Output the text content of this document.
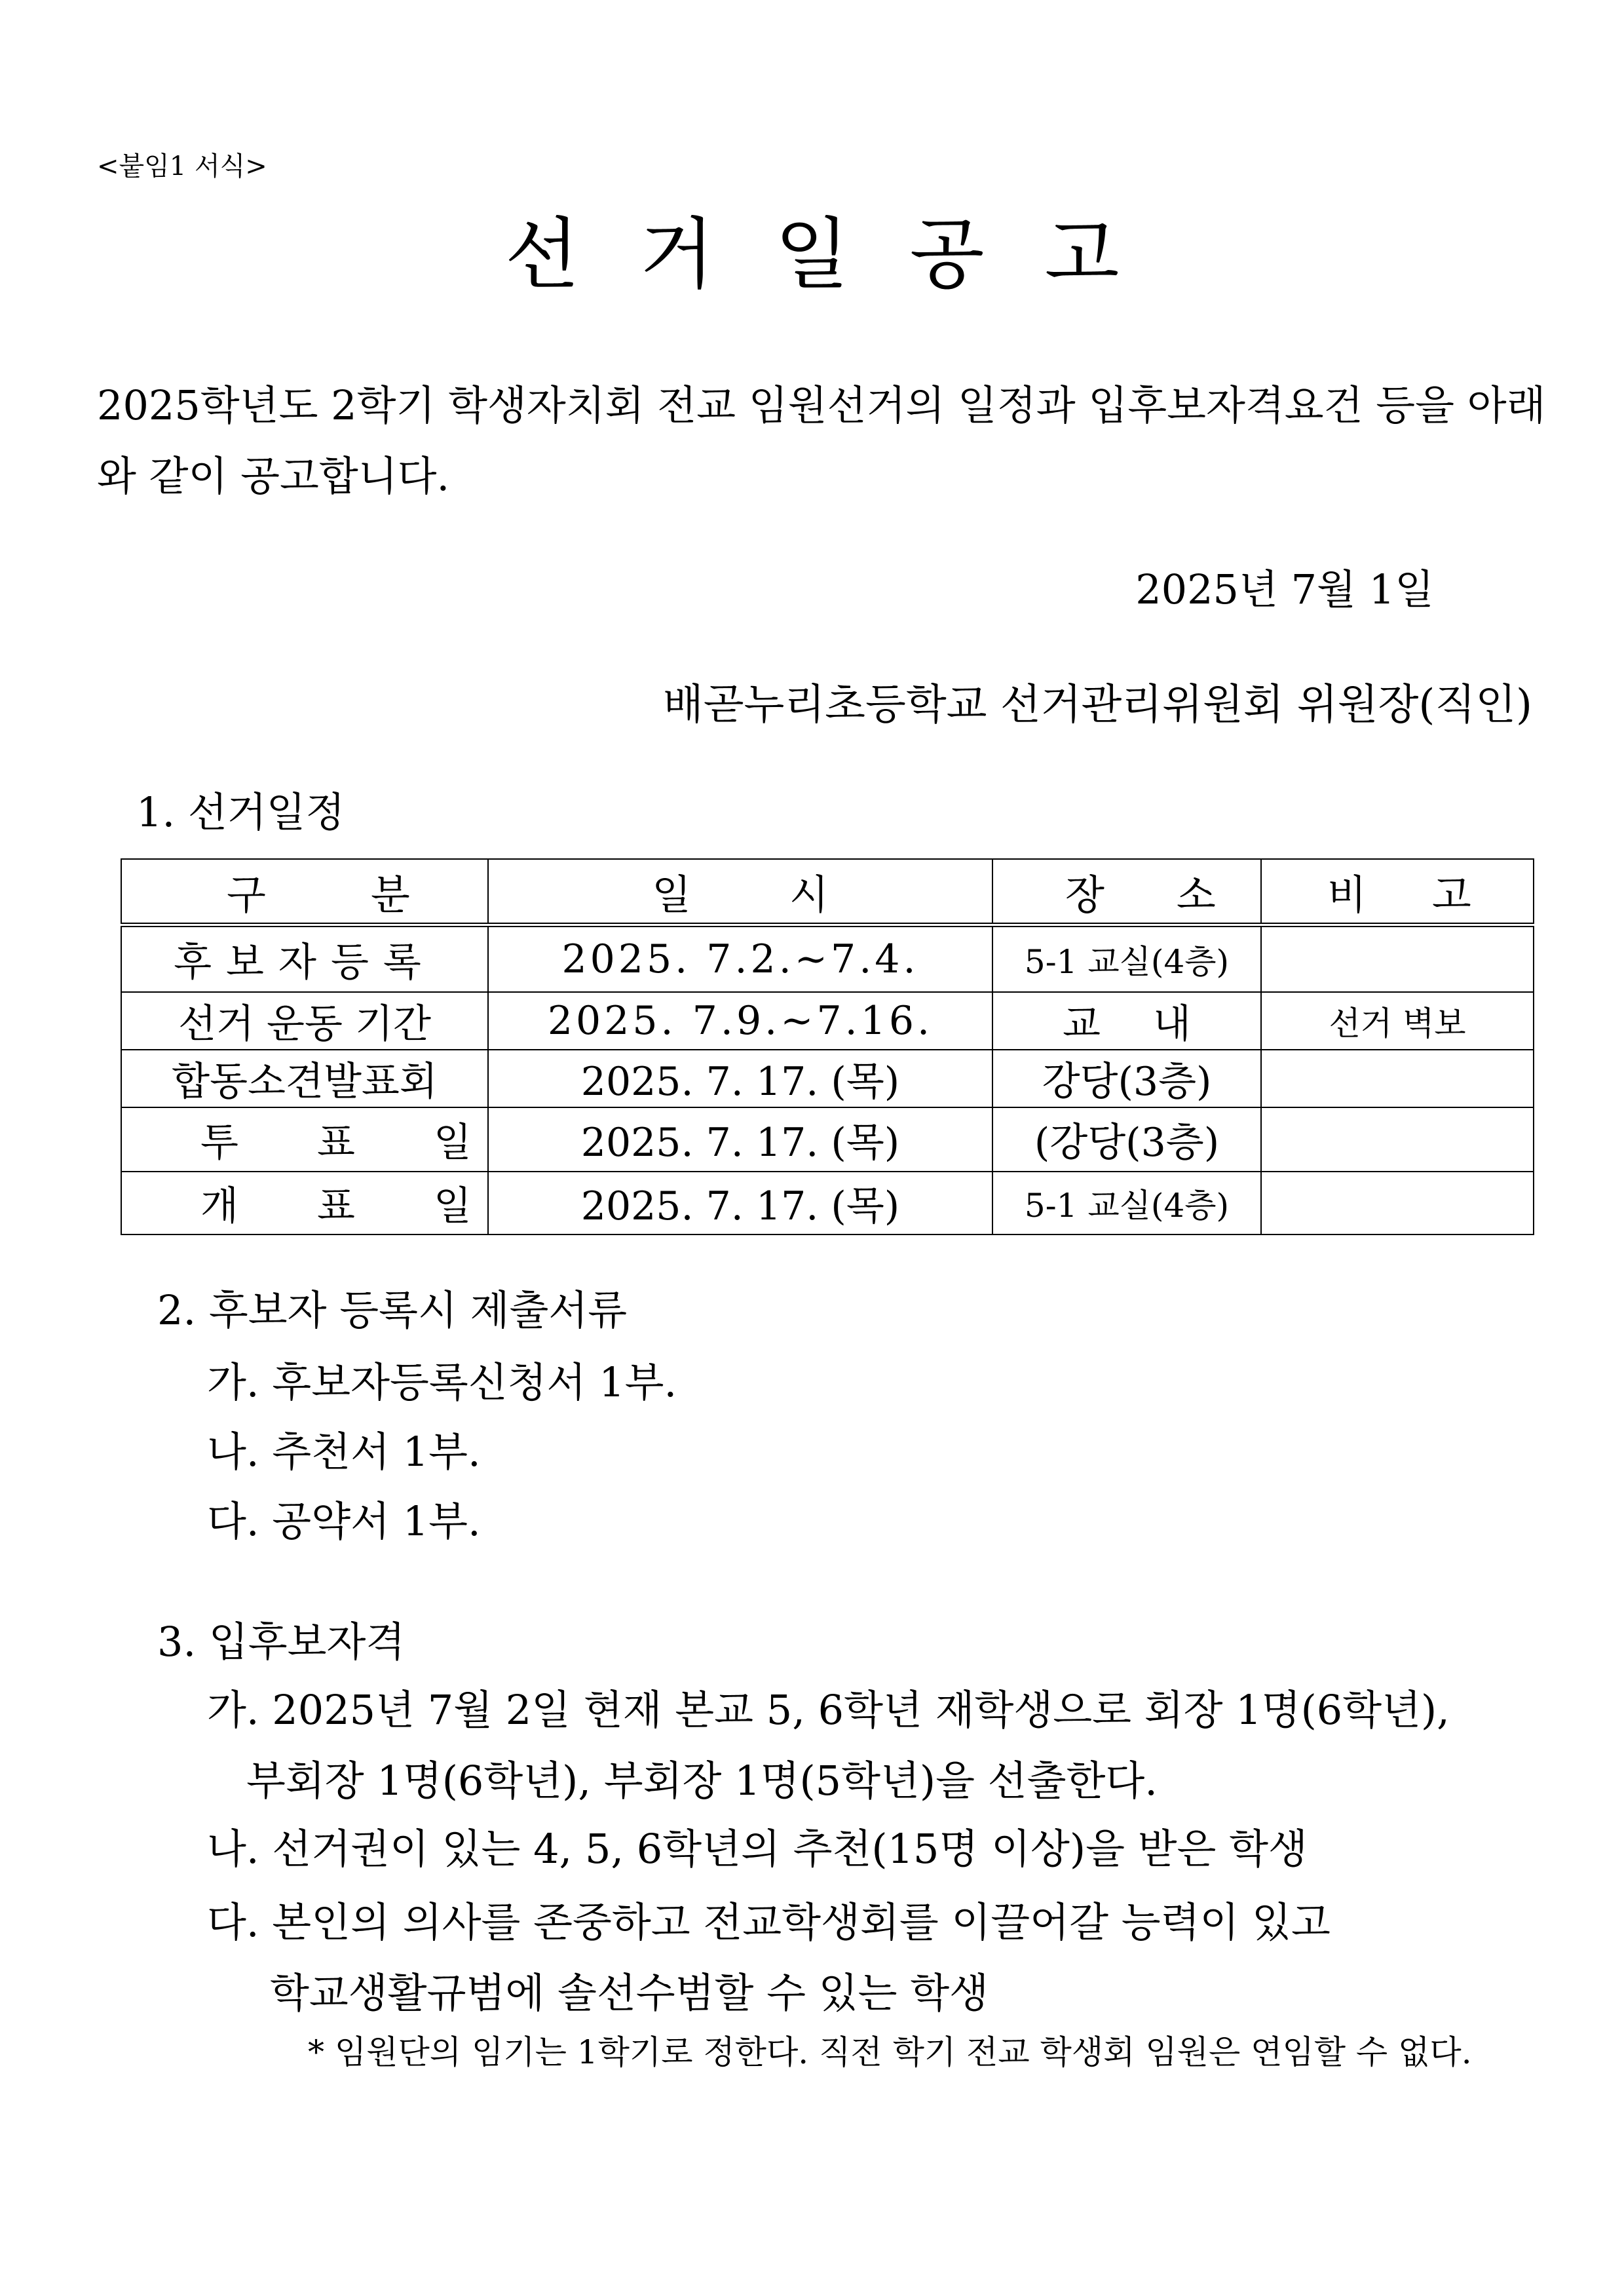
<붙임1 서식>
선거일공고
2025학년도 2학기 학생자치회 전교 임원선거의 일정과 입후보자격요건 등을 아래
와 같이 공고합니다.
2025년 7월 1일
배곧누리초등학교 선거관리위원회 위원장(직인)
1. 선거일정
구분	일시	장소	비고
후보자등록	2025. 7.2.~7.4.	5-1 교실(4층)	
선거 운동 기간	2025. 7.9.~7.16.	교내	선거 벽보
합동소견발표회	2025. 7. 17. (목)	강당(3층)	
투표일	2025. 7. 17. (목)	(강당(3층)	
개표일	2025. 7. 17. (목)	5-1 교실(4층)	
2. 후보자 등록시 제출서류
가. 후보자등록신청서 1부.
나. 추천서 1부.
다. 공약서 1부.
3. 입후보자격
가. 2025년 7월 2일 현재 본교 5, 6학년 재학생으로 회장 1명(6학년),
부회장 1명(6학년), 부회장 1명(5학년)을 선출한다.
나. 선거권이 있는 4, 5, 6학년의 추천(15명 이상)을 받은 학생
다. 본인의 의사를 존중하고 전교학생회를 이끌어갈 능력이 있고
학교생활규범에 솔선수범할 수 있는 학생
* 임원단의 임기는 1학기로 정한다. 직전 학기 전교 학생회 임원은 연임할 수 없다.
